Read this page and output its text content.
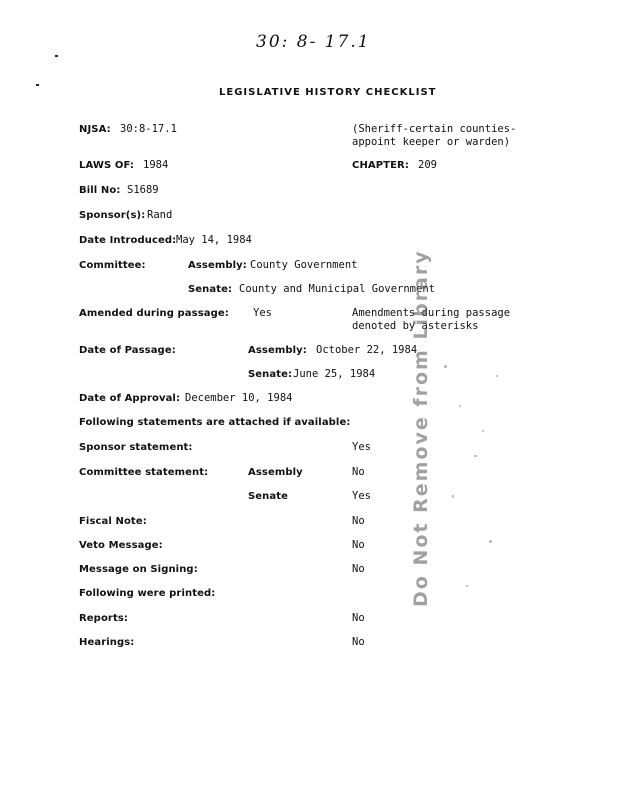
30: 8- 17.1
LEGISLATIVE HISTORY CHECKLIST
NJSA: 30:8-17.1	(Sheriff-certain counties-
appoint keeper or warden)
LAWS OF: 1984	CHAPTER: 209
Bill No: S1689
Sponsor(s): Rand
Date Introduced: May 14, 1984
Committee:	Assembly: County Government
Senate: County and Municipal Government
Amended during passage: Yes	Amendments during passage
denoted by asterisks
Date of Passage:	Assembly: October 22, 1984
Senate: June 25, 1984
Date of Approval: December 10, 1984
Following statements are attached if available:
Sponsor statement:	Yes
Committee statement:	Assembly	No
Senate	Yes
Fiscal Note:	No
Veto Message:	No
Message on Signing:	No
Following were printed:
Reports:	No
Hearings:	No
Do Not Remove from Library
